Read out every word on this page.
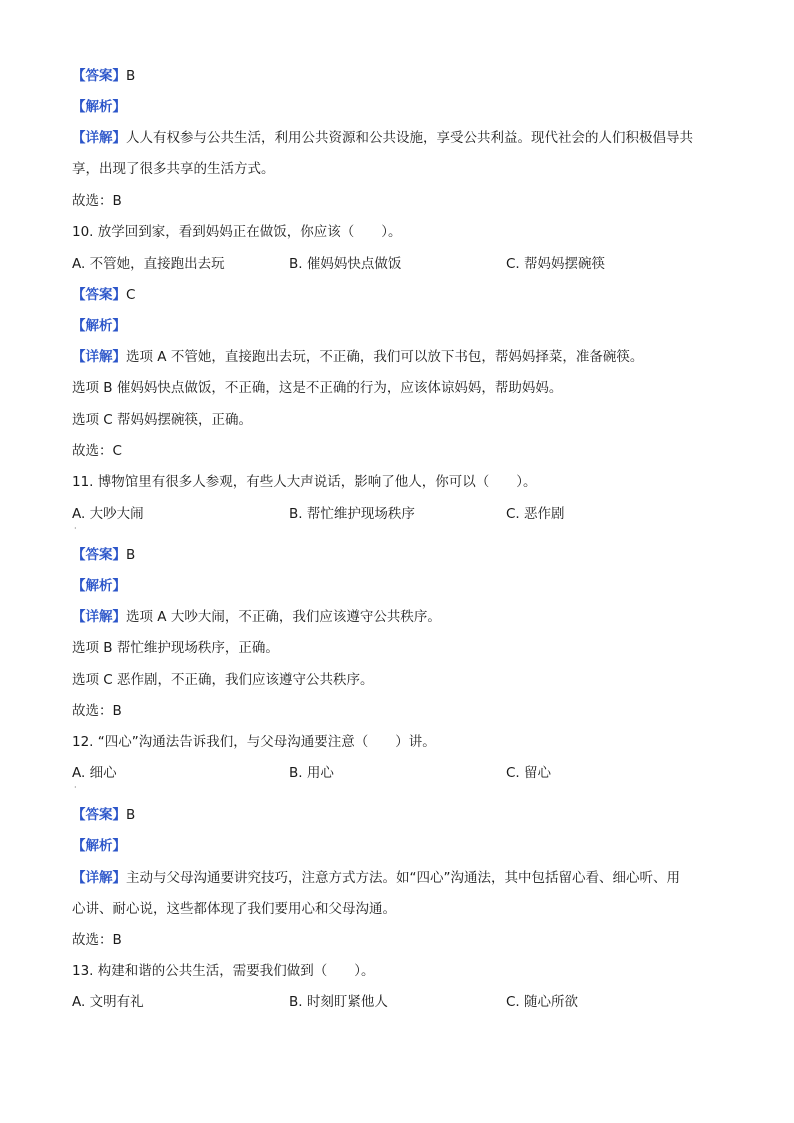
【答案】B
【解析】
【详解】人人有权参与公共生活，利用公共资源和公共设施，享受公共利益。现代社会的人们积极倡导共
享，出现了很多共享的生活方式。
故选：B
10. 放学回到家，看到妈妈正在做饭，你应该（　　）。
A. 不管她，直接跑出去玩	B. 催妈妈快点做饭	C. 帮妈妈摆碗筷
【答案】C
【解析】
【详解】选项 A 不管她，直接跑出去玩，不正确，我们可以放下书包，帮妈妈择菜，准备碗筷。
选项 B 催妈妈快点做饭，不正确，这是不正确的行为，应该体谅妈妈，帮助妈妈。
选项 C 帮妈妈摆碗筷，正确。
故选：C
11. 博物馆里有很多人参观，有些人大声说话，影响了他人，你可以（　　）。
A. 大吵大闹	B. 帮忙维护现场秩序	C. 恶作剧
·
【答案】B
【解析】
【详解】选项 A 大吵大闹，不正确，我们应该遵守公共秩序。
选项 B 帮忙维护现场秩序，正确。
选项 C 恶作剧，不正确，我们应该遵守公共秩序。
故选：B
12. “四心”沟通法告诉我们，与父母沟通要注意（　　）讲。
A. 细心	B. 用心	C. 留心
·
【答案】B
【解析】
【详解】主动与父母沟通要讲究技巧，注意方式方法。如“四心”沟通法，其中包括留心看、细心听、用
心讲、耐心说，这些都体现了我们要用心和父母沟通。
故选：B
13. 构建和谐的公共生活，需要我们做到（　　）。
A. 文明有礼	B. 时刻盯紧他人	C. 随心所欲
